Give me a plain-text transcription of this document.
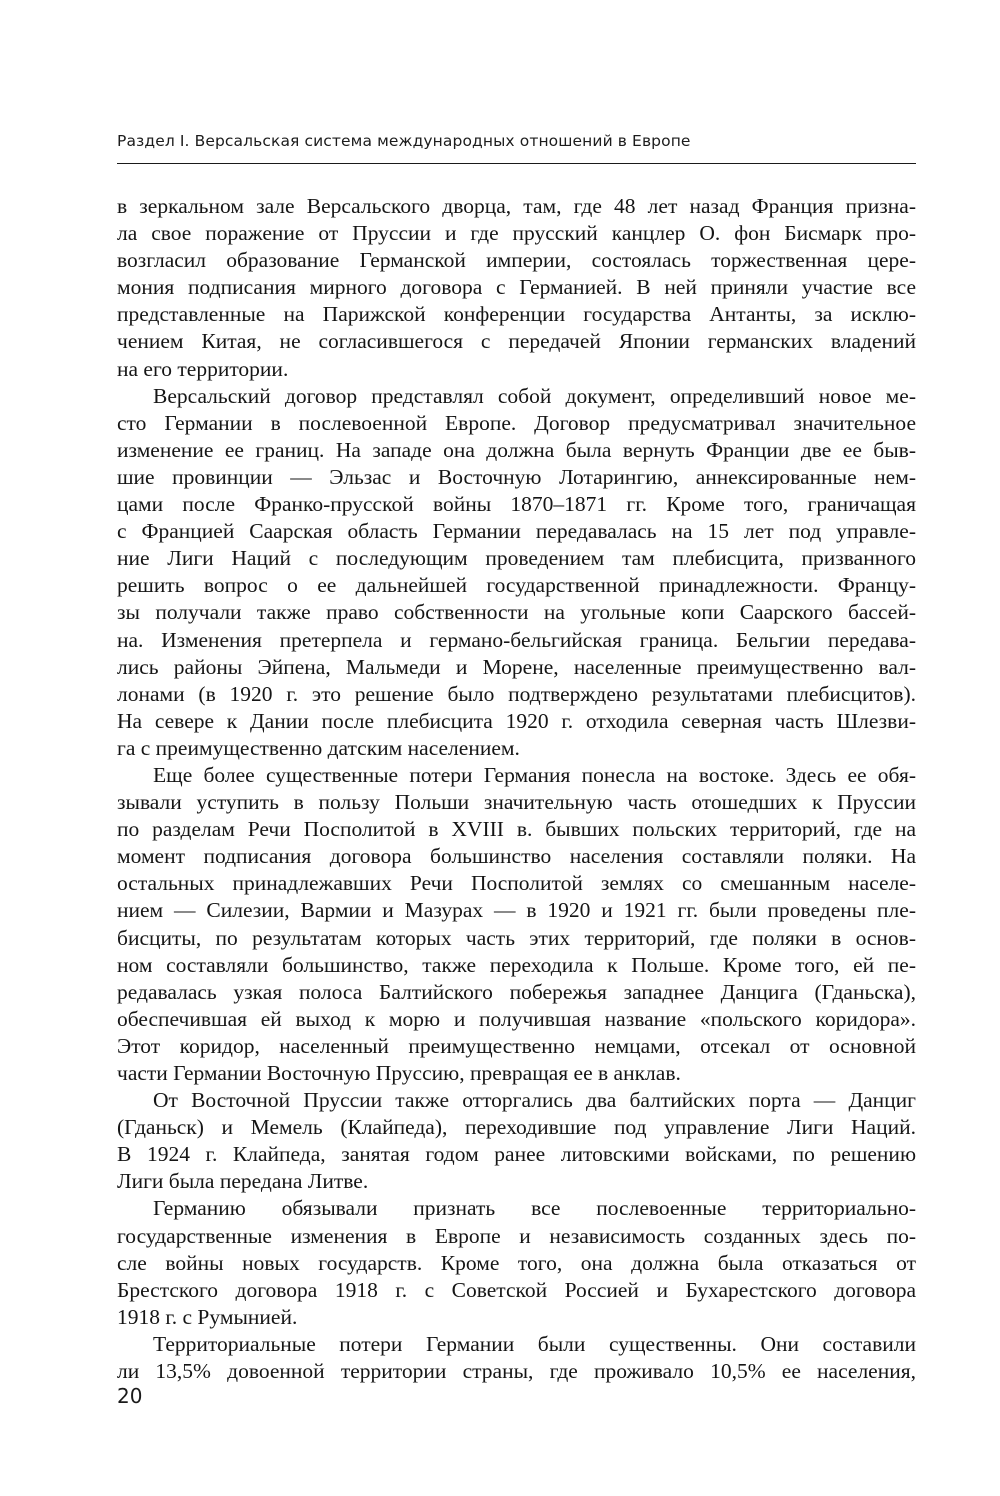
Раздел I. Версальская система международных отношений в Европе
в зеркальном зале Версальского дворца, там, где 48 лет назад Франция призна-
ла свое поражение от Пруссии и где прусский канцлер О. фон Бисмарк про-
возгласил образование Германской империи, состоялась торжественная цере-
мония подписания мирного договора с Германией. В ней приняли участие все
представленные на Парижской конференции государства Антанты, за исклю-
чением Китая, не согласившегося с передачей Японии германских владений
на его территории.
Версальский договор представлял собой документ, определивший новое ме-
сто Германии в послевоенной Европе. Договор предусматривал значительное
изменение ее границ. На западе она должна была вернуть Франции две ее быв-
шие провинции — Эльзас и Восточную Лотарингию, аннексированные нем-
цами после Франко-прусской войны 1870–1871 гг. Кроме того, граничащая
с Францией Саарская область Германии передавалась на 15 лет под управле-
ние Лиги Наций с последующим проведением там плебисцита, призванного
решить вопрос о ее дальнейшей государственной принадлежности. Францу-
зы получали также право собственности на угольные копи Саарского бассей-
на. Изменения претерпела и германо-бельгийская граница. Бельгии передава-
лись районы Эйпена, Мальмеди и Морене, населенные преимущественно вал-
лонами (в 1920 г. это решение было подтверждено результатами плебисцитов).
На севере к Дании после плебисцита 1920 г. отходила северная часть Шлезви-
га с преимущественно датским населением.
Еще более существенные потери Германия понесла на востоке. Здесь ее обя-
зывали уступить в пользу Польши значительную часть отошедших к Пруссии
по разделам Речи Посполитой в XVIII в. бывших польских территорий, где на
момент подписания договора большинство населения составляли поляки. На
остальных принадлежавших Речи Посполитой землях со смешанным населе-
нием — Силезии, Вармии и Мазурах — в 1920 и 1921 гг. были проведены пле-
бисциты, по результатам которых часть этих территорий, где поляки в основ-
ном составляли большинство, также переходила к Польше. Кроме того, ей пе-
редавалась узкая полоса Балтийского побережья западнее Данцига (Гданьска),
обеспечившая ей выход к морю и получившая название «польского коридора».
Этот коридор, населенный преимущественно немцами, отсекал от основной
части Германии Восточную Пруссию, превращая ее в анклав.
От Восточной Пруссии также отторгались два балтийских порта — Данциг
(Гданьск) и Мемель (Клайпеда), переходившие под управление Лиги Наций.
В 1924 г. Клайпеда, занятая годом ранее литовскими войсками, по решению
Лиги была передана Литве.
Германию обязывали признать все послевоенные территориально-
государственные изменения в Европе и независимость созданных здесь по-
сле войны новых государств. Кроме того, она должна была отказаться от
Брестского договора 1918 г. с Советской Россией и Бухарестского договора
1918 г. с Румынией.
Территориальные потери Германии были существенны. Они составили
ли 13,5% довоенной территории страны, где проживало 10,5% ее населения,
20
